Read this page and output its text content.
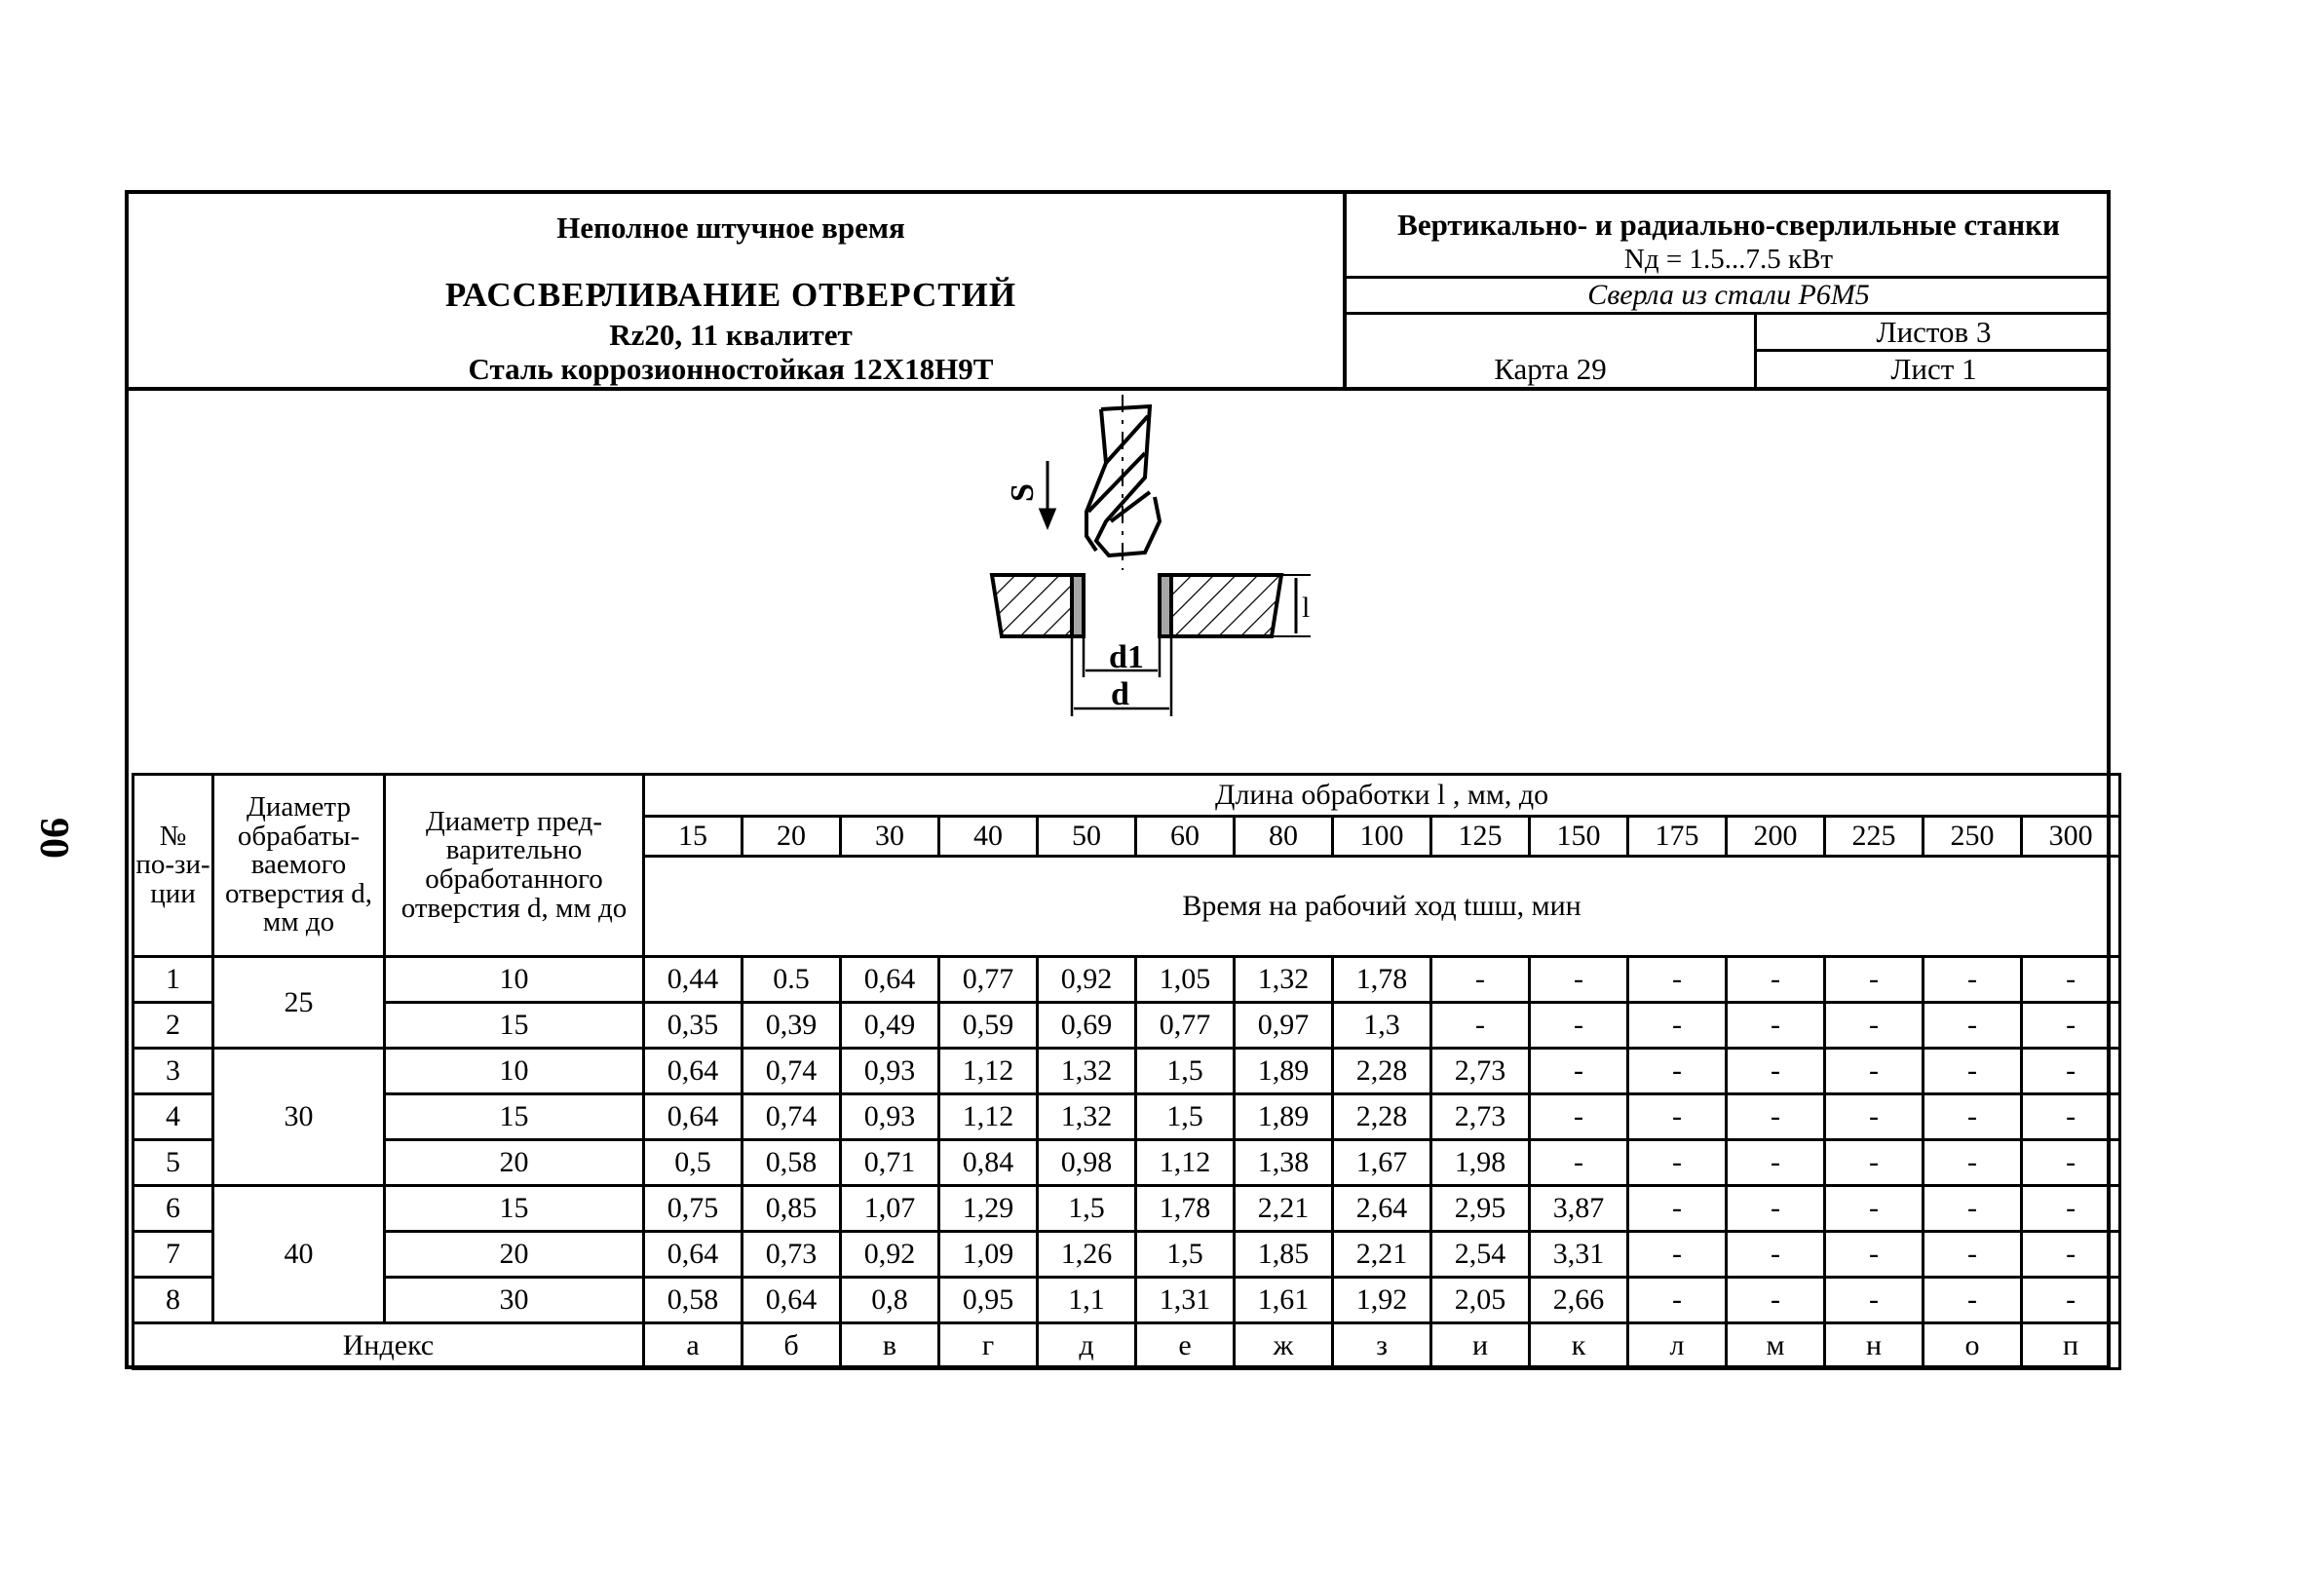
90
Неполное штучное время
РАССВЕРЛИВАНИЕ ОТВЕРСТИЙ
Rz20, 11 квалитет
Сталь коррозионностойкая 12Х18Н9Т
Вертикально- и радиально-сверлильные станки
Nд = 1.5...7.5 кВт
Сверла из стали Р6М5
Карта 29
Листов 3
Лист 1
S
l
d1
d
№ по-зи-ции	Диаметр обрабаты-ваемого отверстия d, мм до	Диаметр пред-варительно обработанного отверстия d, мм до	Длина обработки l , мм, до														
			15	20	30	40	50	60	80	100	125	150	175	200	225	250	300
			Время на рабочий ход tшш, мин														
1	25	10	0,44	0.5	0,64	0,77	0,92	1,05	1,32	1,78	-	-	-	-	-	-	-
2		15	0,35	0,39	0,49	0,59	0,69	0,77	0,97	1,3	-	-	-	-	-	-	-
3	30	10	0,64	0,74	0,93	1,12	1,32	1,5	1,89	2,28	2,73	-	-	-	-	-	-
4		15	0,64	0,74	0,93	1,12	1,32	1,5	1,89	2,28	2,73	-	-	-	-	-	-
5		20	0,5	0,58	0,71	0,84	0,98	1,12	1,38	1,67	1,98	-	-	-	-	-	-
6	40	15	0,75	0,85	1,07	1,29	1,5	1,78	2,21	2,64	2,95	3,87	-	-	-	-	-
7		20	0,64	0,73	0,92	1,09	1,26	1,5	1,85	2,21	2,54	3,31	-	-	-	-	-
8		30	0,58	0,64	0,8	0,95	1,1	1,31	1,61	1,92	2,05	2,66	-	-	-	-	-
Индекс			а	б	в	г	д	е	ж	з	и	к	л	м	н	о	п
